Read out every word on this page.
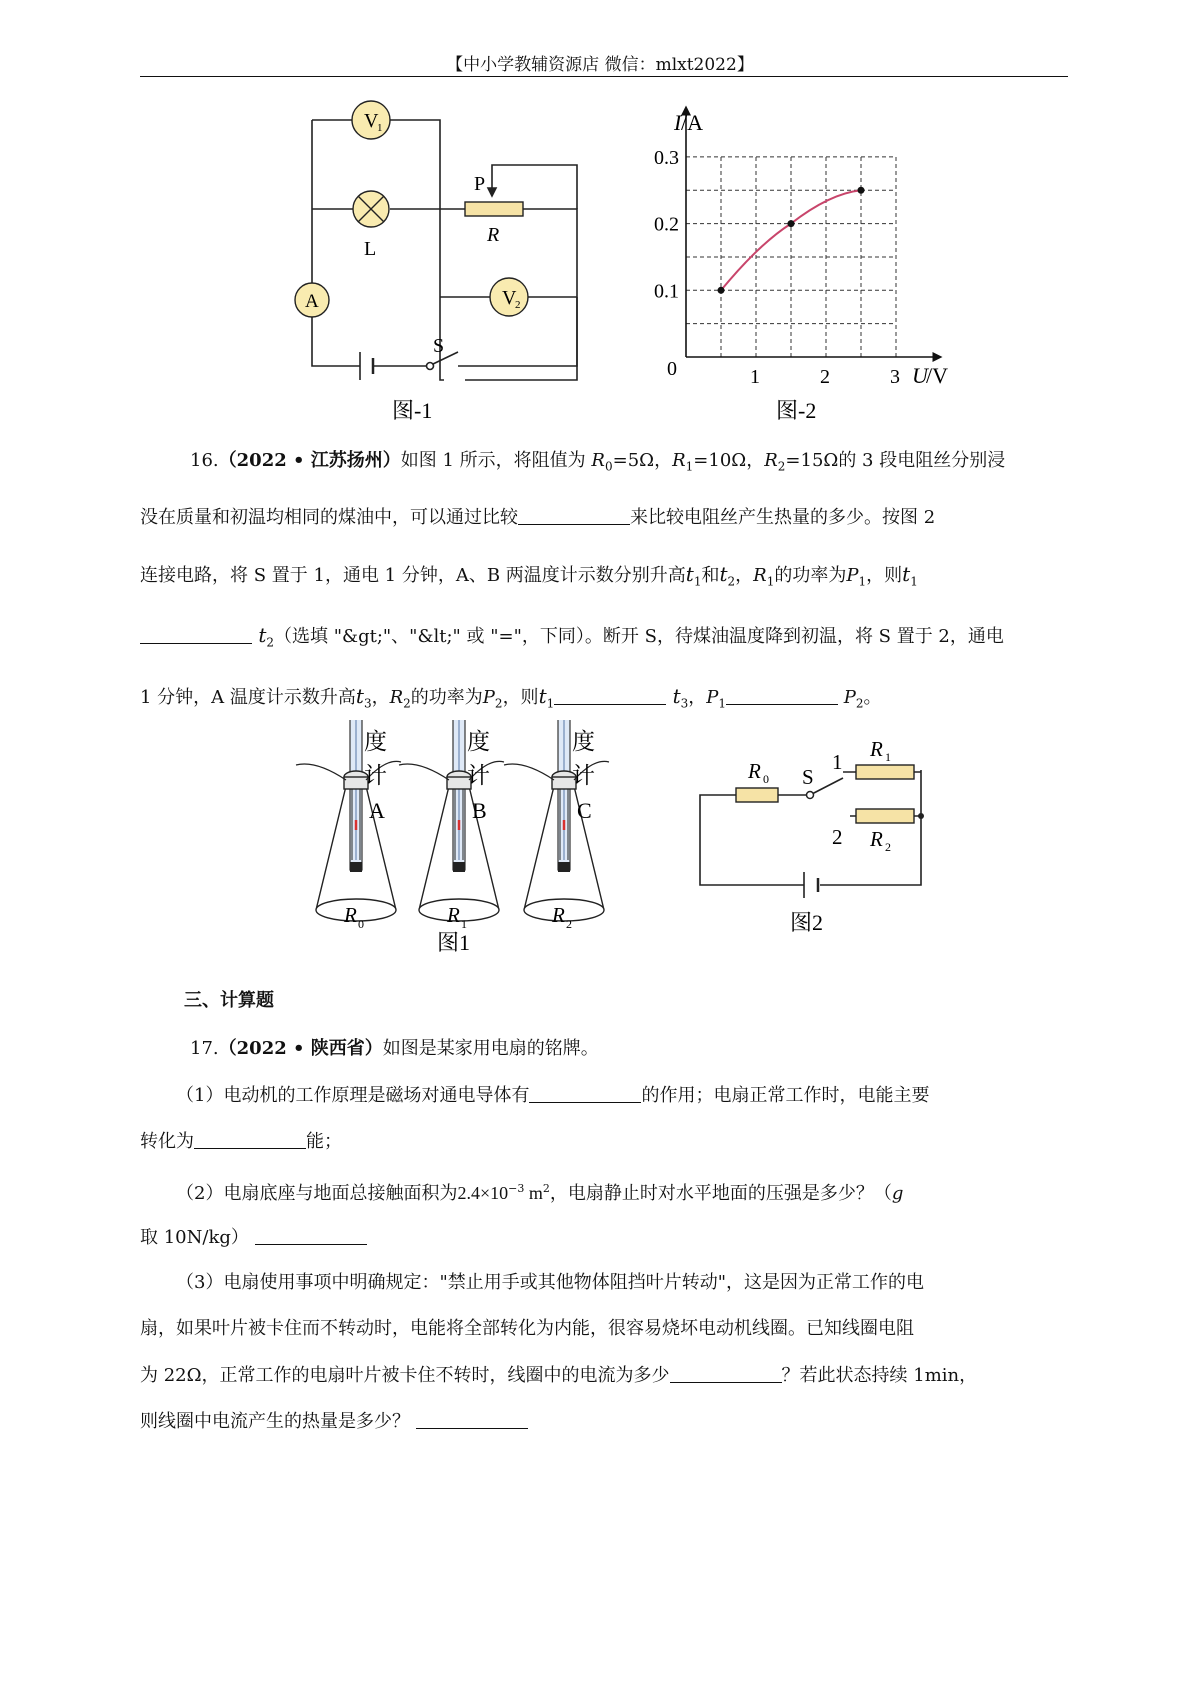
【中小学教辅资源店 微信：mlxt2022】
V
1
V
2
A
L
P
R
S
图-1
1	2	3
0.1
0.2
0.3
I /A
U
/V
0
图-2
16.（2022 • 江苏扬州）如图 1 所示，将阻值为 $R_0=5\Omega$，$R_1=10\Omega$，$R_2=15\Omega$的 3 段电阻丝分别浸
没在质量和初温均相同的煤油中，可以通过比较	来比较电阻丝产生热量的多少。按图 2
连接电路，将 S 置于 1，通电 1 分钟，A、B 两温度计示数分别升高$t_1$和$t_2$，$R_1$的功率为$P_1$，则$t_1$
$t_2$（选填 "&gt;"、"&lt;" 或 "="，下同）。断开 S，待煤油温度降到初温，将 S 置于 2，通电
1 分钟，A 温度计示数升高$t_3$，$R_2$的功率为$P_2$，则$t_1$	$t_3$，$P_1$	$P_2$。
度
计
A
R 0
度
计
B
R 1
度
计
C
R 2
图1
R 0
R 1
R 2
S
1
2
图2
三、计算题
17.（2022 • 陕西省）如图是某家用电扇的铭牌。
（1）电动机的工作原理是磁场对通电导体有	的作用；电扇正常工作时，电能主要
转化为	能；
（2）电扇底座与地面总接触面积为$2.4\times 10^{-3}$ $m^2$，电扇静止时对水平地面的压强是多少？（g
取 10N/kg）
（3）电扇使用事项中明确规定："禁止用手或其他物体阻挡叶片转动"，这是因为正常工作的电
扇，如果叶片被卡住而不转动时，电能将全部转化为内能，很容易烧坏电动机线圈。已知线圈电阻
为 22Ω，正常工作的电扇叶片被卡住不转时，线圈中的电流为多少	？若此状态持续 1min，
则线圈中电流产生的热量是多少？
